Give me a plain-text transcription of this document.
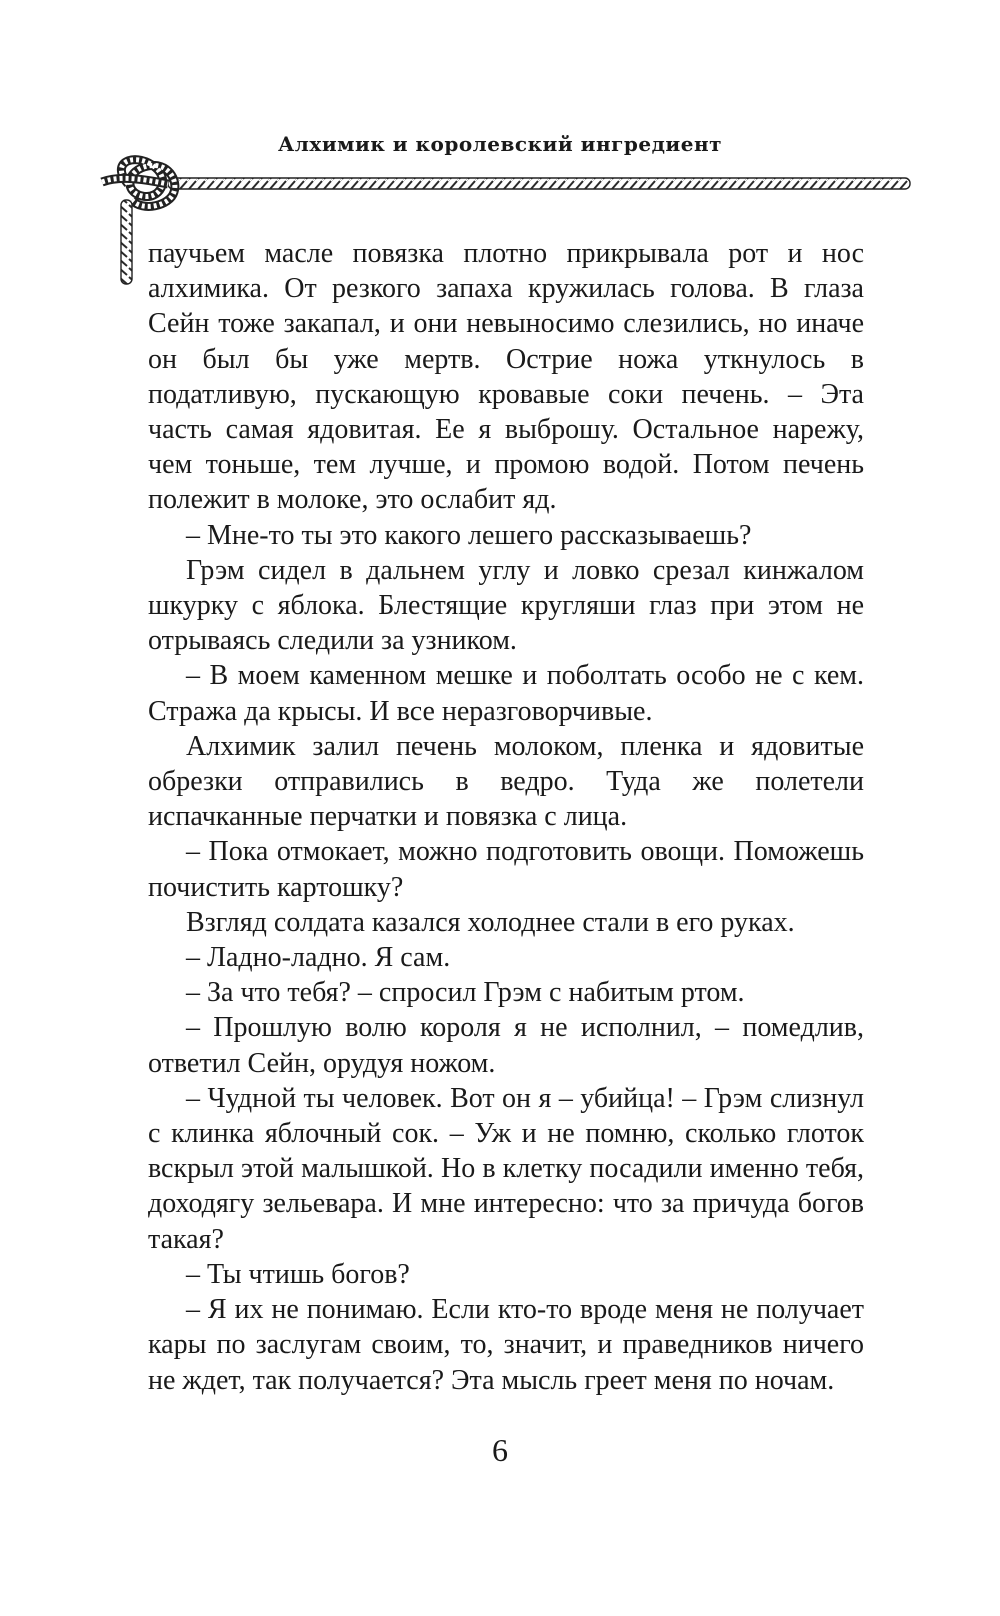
Алхимик и королевский ингредиент

паучьем масле повязка плотно прикрывала рот и нос алхимика. От резкого запаха кружилась голова. В глаза Сейн тоже закапал, и они невыносимо слезились, но иначе он был бы уже мертв. Острие ножа уткнулось в податливую, пускающую кровавые соки печень. – Эта часть самая ядовитая. Ее я выброшу. Остальное нарежу, чем тоньше, тем лучше, и промою водой. Потом печень полежит в молоке, это ослабит яд.

– Мне-то ты это какого лешего рассказываешь?

Грэм сидел в дальнем углу и ловко срезал кинжалом шкурку с яблока. Блестящие кругляши глаз при этом не отрываясь следили за узником.

– В моем каменном мешке и поболтать особо не с кем. Стража да крысы. И все неразговорчивые.

Алхимик залил печень молоком, пленка и ядовитые обрезки отправились в ведро. Туда же полетели испачканные перчатки и повязка с лица.

– Пока отмокает, можно подготовить овощи. Поможешь почистить картошку?

Взгляд солдата казался холоднее стали в его руках.

– Ладно-ладно. Я сам.

– За что тебя? – спросил Грэм с набитым ртом.

– Прошлую волю короля я не исполнил, – помедлив, ответил Сейн, орудуя ножом.

– Чудной ты человек. Вот он я – убийца! – Грэм слизнул с клинка яблочный сок. – Уж и не помню, сколько глоток вскрыл этой малышкой. Но в клетку посадили именно тебя, доходягу зельевара. И мне интересно: что за причуда богов такая?

– Ты чтишь богов?

– Я их не понимаю. Если кто-то вроде меня не получает кары по заслугам своим, то, значит, и праведников ничего не ждет, так получается? Эта мысль греет меня по ночам.

6
